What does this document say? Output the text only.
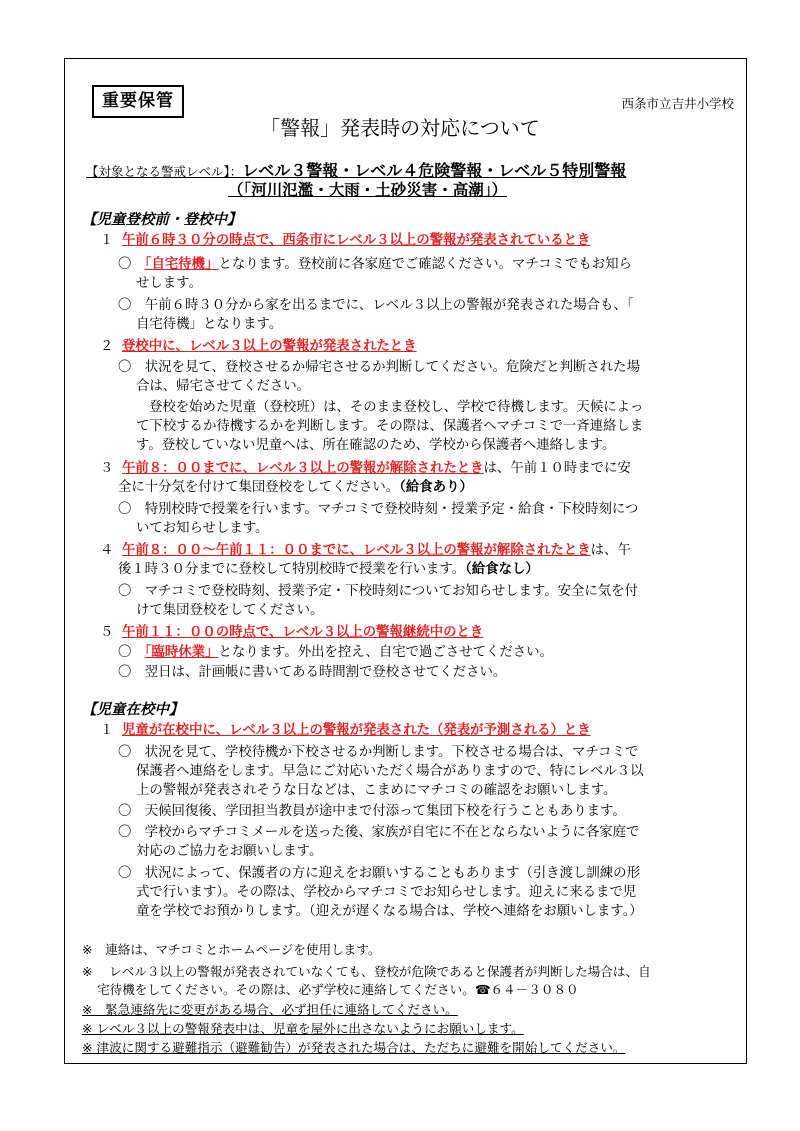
重要保管	西条市立吉井小学校
「警報」発表時の対応について
【対象となる警戒レベル】：レベル３警報・レベル４危険警報・レベル５特別警報
（「河川氾濫・大雨・土砂災害・高潮」）
【児童登校前・登校中】
１ 午前６時３０分の時点で、西条市にレベル３以上の警報が発表されているとき
〇　「自宅待機」となります。登校前に各家庭でご確認ください。マチコミでもお知ら
せします。
〇　午前６時３０分から家を出るまでに、レベル３以上の警報が発表された場合も、「
自宅待機」となります。
２ 登校中に、レベル３以上の警報が発表されたとき
〇　状況を見て、登校させるか帰宅させるか判断してください。危険だと判断された場
合は、帰宅させてください。
登校を始めた児童（登校班）は、そのまま登校し、学校で待機します。天候によっ
て下校するか待機するかを判断します。その際は、保護者へマチコミで一斉連絡しま
す。登校していない児童へは、所在確認のため、学校から保護者へ連絡します。
３ 午前８：００までに、レベル３以上の警報が解除されたときは、午前１０時までに安
全に十分気を付けて集団登校をしてください。（給食あり）
〇　特別校時で授業を行います。マチコミで登校時刻・授業予定・給食・下校時刻につ
いてお知らせします。
４ 午前８：００～午前１１：００までに、レベル３以上の警報が解除されたときは、午
後１時３０分までに登校して特別校時で授業を行います。（給食なし）
〇　マチコミで登校時刻、授業予定・下校時刻についてお知らせします。安全に気を付
けて集団登校をしてください。
５ 午前１１：００の時点で、レベル３以上の警報継続中のとき
〇　「臨時休業」となります。外出を控え、自宅で過ごさせてください。
〇　翌日は、計画帳に書いてある時間割で登校させてください。
【児童在校中】
１ 児童が在校中に、レベル３以上の警報が発表された（発表が予測される）とき
〇　状況を見て、学校待機か下校させるか判断します。下校させる場合は、マチコミで
保護者へ連絡をします。早急にご対応いただく場合がありますので、特にレベル３以
上の警報が発表されそうな日などは、こまめにマチコミの確認をお願いします。
〇　天候回復後、学団担当教員が途中まで付添って集団下校を行うこともあります。
〇　学校からマチコミメールを送った後、家族が自宅に不在とならないように各家庭で
対応のご協力をお願いします。
〇　状況によって、保護者の方に迎えをお願いすることもあります（引き渡し訓練の形
式で行います）。その際は、学校からマチコミでお知らせします。迎えに来るまで児
童を学校でお預かりします。（迎えが遅くなる場合は、学校へ連絡をお願いします。）
※　連絡は、マチコミとホームページを使用します。
※　 レベル３以上の警報が発表されていなくても、登校が危険であると保護者が判断した場合は、自
宅待機をしてください。その際は、必ず学校に連絡してください。☎６４－３０８０
※　緊急連絡先に変更がある場合、必ず担任に連絡してください。
※ レベル３以上の警報発表中は、児童を屋外に出さないようにお願いします。
※ 津波に関する避難指示（避難勧告）が発表された場合は、ただちに避難を開始してください。
